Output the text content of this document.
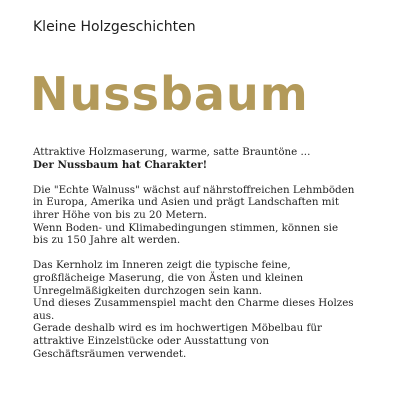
Kleine Holzgeschichten
Nussbaum

Attraktive Holzmaserung, warme, satte Brauntöne ...
Der Nussbaum hat Charakter!

Die "Echte Walnuss" wächst auf nährstoffreichen Lehmböden
in Europa, Amerika und Asien und prägt Landschaften mit
ihrer Höhe von bis zu 20 Metern.
Wenn Boden- und Klimabedingungen stimmen, können sie
bis zu 150 Jahre alt werden.

Das Kernholz im Inneren zeigt die typische feine,
großflächeige Maserung, die von Ästen und kleinen
Unregelmäßigkeiten durchzogen sein kann.
Und dieses Zusammenspiel macht den Charme dieses Holzes
aus.
Gerade deshalb wird es im hochwertigen Möbelbau für
attraktive Einzelstücke oder Ausstattung von
Geschäftsräumen verwendet.
